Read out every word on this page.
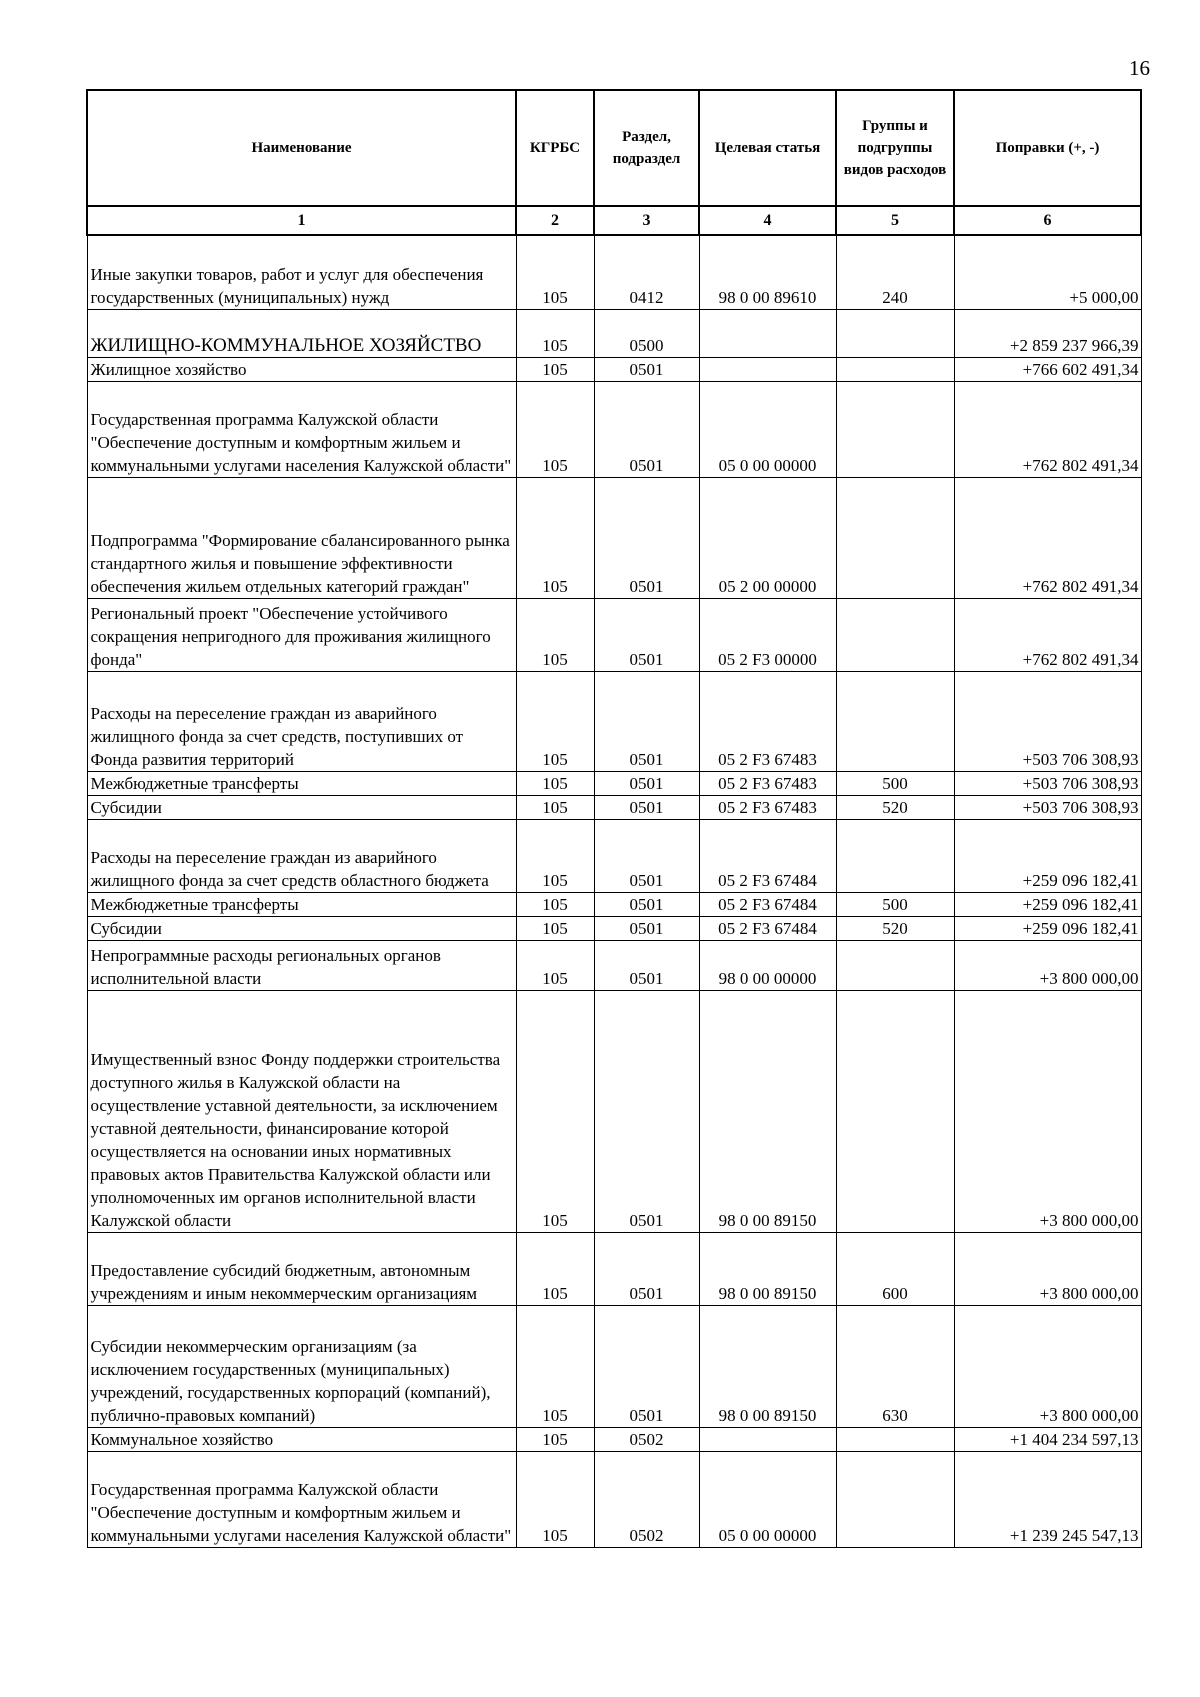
16
Наименование	КГРБС	Раздел, подраздел	Целевая статья	Группы и подгруппы видов расходов	Поправки (+, -)
1	2	3	4	5	6
Иные закупки товаров, работ и услуг для обеспечения государственных (муниципальных) нужд	105	0412	98 0 00 89610	240	+5 000,00
ЖИЛИЩНО-КОММУНАЛЬНОЕ ХОЗЯЙСТВО	105	0500			+2 859 237 966,39
Жилищное хозяйство	105	0501			+766 602 491,34
Государственная программа Калужской области "Обеспечение доступным и комфортным жильем и коммунальными услугами населения Калужской области"	105	0501	05 0 00 00000		+762 802 491,34
Подпрограмма "Формирование сбалансированного рынка стандартного жилья и повышение эффективности обеспечения жильем отдельных категорий граждан"	105	0501	05 2 00 00000		+762 802 491,34
Региональный проект "Обеспечение устойчивого сокращения непригодного для проживания жилищного фонда"	105	0501	05 2 F3 00000		+762 802 491,34
Расходы на переселение граждан из аварийного жилищного фонда за счет средств, поступивших от Фонда развития территорий	105	0501	05 2 F3 67483		+503 706 308,93
Межбюджетные трансферты	105	0501	05 2 F3 67483	500	+503 706 308,93
Субсидии	105	0501	05 2 F3 67483	520	+503 706 308,93
Расходы на переселение граждан из аварийного жилищного фонда за счет средств областного бюджета	105	0501	05 2 F3 67484		+259 096 182,41
Межбюджетные трансферты	105	0501	05 2 F3 67484	500	+259 096 182,41
Субсидии	105	0501	05 2 F3 67484	520	+259 096 182,41
Непрограммные расходы региональных органов исполнительной власти	105	0501	98 0 00 00000		+3 800 000,00
Имущественный взнос Фонду поддержки строительства доступного жилья в Калужской области на осуществление уставной деятельности, за исключением уставной деятельности, финансирование которой осуществляется на основании иных нормативных правовых актов Правительства Калужской области или уполномоченных им органов исполнительной власти Калужской области	105	0501	98 0 00 89150		+3 800 000,00
Предоставление субсидий бюджетным, автономным учреждениям и иным некоммерческим организациям	105	0501	98 0 00 89150	600	+3 800 000,00
Субсидии некоммерческим организациям (за исключением государственных (муниципальных) учреждений, государственных корпораций (компаний), публично-правовых компаний)	105	0501	98 0 00 89150	630	+3 800 000,00
Коммунальное хозяйство	105	0502			+1 404 234 597,13
Государственная программа Калужской области "Обеспечение доступным и комфортным жильем и коммунальными услугами населения Калужской области"	105	0502	05 0 00 00000		+1 239 245 547,13
